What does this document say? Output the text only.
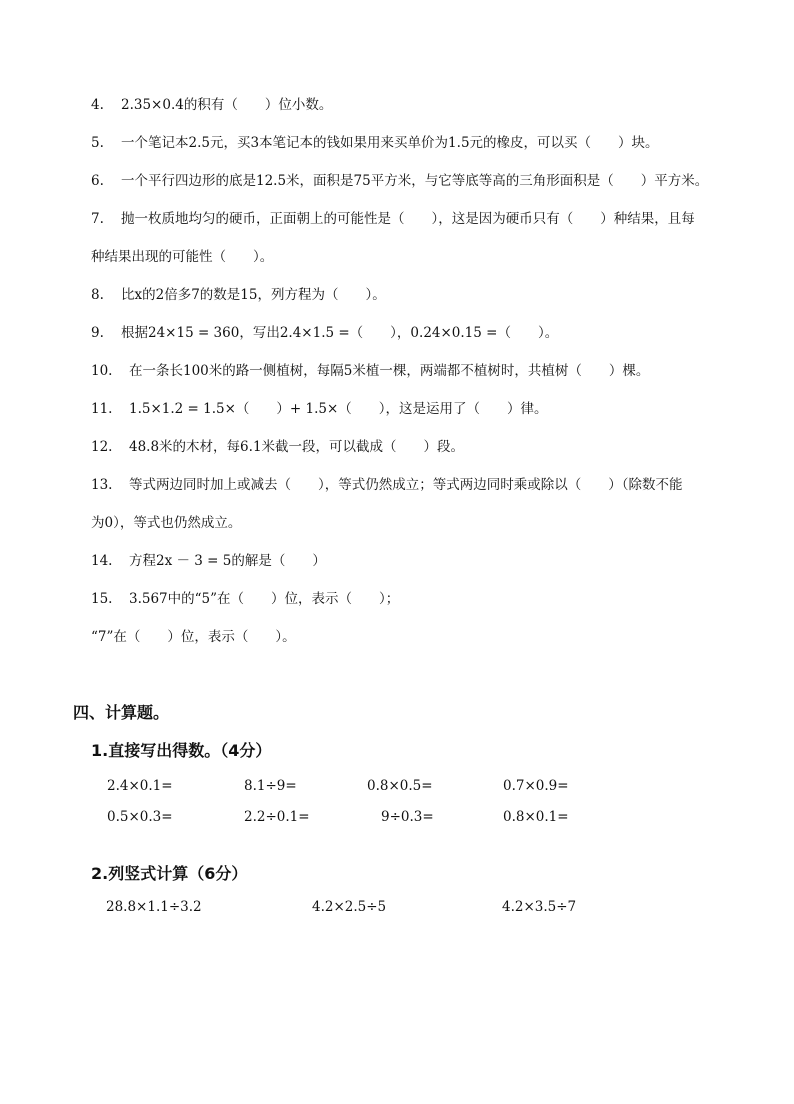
4. 2.35×0.4的积有（　　）位小数。
5. 一个笔记本2.5元，买3本笔记本的钱如果用来买单价为1.5元的橡皮，可以买（　　）块。
6. 一个平行四边形的底是12.5米，面积是75平方米，与它等底等高的三角形面积是（　　）平方米。
7. 抛一枚质地均匀的硬币，正面朝上的可能性是（　　），这是因为硬币只有（　　）种结果，且每
种结果出现的可能性（　　）。
8. 比x的2倍多7的数是15，列方程为（　　）。
9. 根据24×15 = 360，写出2.4×1.5 =（　　），0.24×0.15 =（　　）。
10. 在一条长100米的路一侧植树，每隔5米植一棵，两端都不植树时，共植树（　　）棵。
11. 1.5×1.2 = 1.5×（　　）+ 1.5×（　　），这是运用了（　　）律。
12. 48.8米的木材，每6.1米截一段，可以截成（　　）段。
13. 等式两边同时加上或减去（　　），等式仍然成立；等式两边同时乘或除以（　　）（除数不能
为0），等式也仍然成立。
14. 方程2x － 3 = 5的解是（　　）
15. 3.567中的“5”在（　　）位，表示（　　）；
“7”在（　　）位，表示（　　）。
四、计算题。
1.直接写出得数。（4分）
2.4×0.1=	8.1÷9=	0.8×0.5=	0.7×0.9=
0.5×0.3=	2.2÷0.1=	9÷0.3=	0.8×0.1=
2.列竖式计算（6分）
28.8×1.1÷3.2	4.2×2.5÷5	4.2×3.5÷7
